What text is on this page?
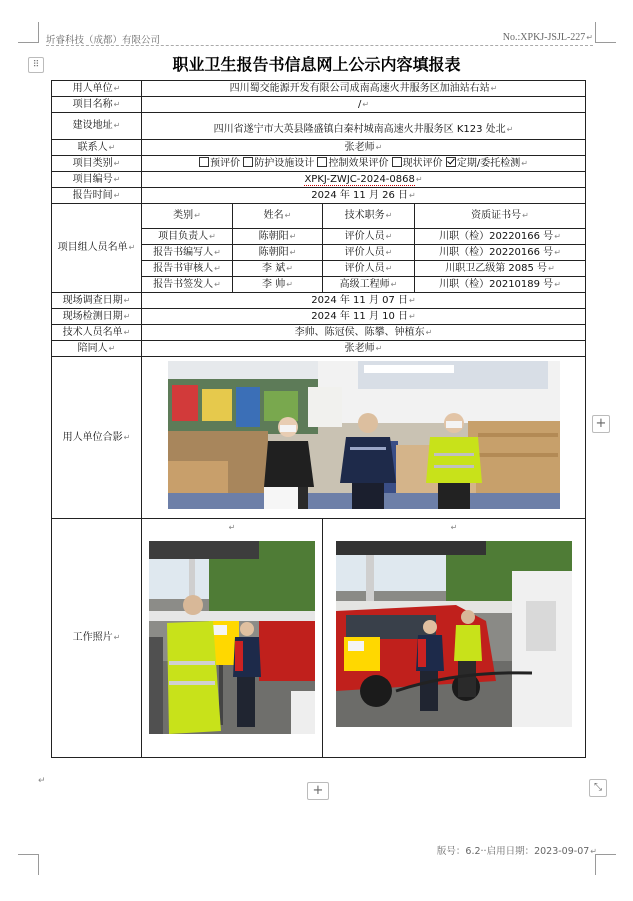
圻睿科技（成都）有限公司	No.:XPKJ-JSJL-227↵
⠿	职业卫生报告书信息网上公示内容填报表
用人单位↵	四川蜀交能源开发有限公司成南高速火井服务区加油站右站↵			
项目名称↵	/↵			
建设地址↵	四川省遂宁市大英县隆盛镇白秦村城南高速火井服务区 K123 处北↵			
联系人↵	张老师↵			
项目类别↵	预评价 防护设施设计 控制效果评价 现状评价 定期/委托检测↵			
项目编号↵	XPKJ-ZWJC-2024-0868↵			
报告时间↵	2024 年 11 月 26 日↵			
项目组人员名单↵	类别↵	姓名↵	技术职务↵	资质证书号↵
	项目负责人↵	陈朝阳↵	评价人员↵	川职（检）20220166 号↵
	报告书编写人↵	陈朝阳↵	评价人员↵	川职（检）20220166 号↵
	报告书审核人↵	李 斌↵	评价人员↵	川职卫乙级第 2085 号↵
	报告书签发人↵	李 帅↵	高级工程师↵	川职（检）20210189 号↵
现场调查日期↵	2024 年 11 月 07 日↵			
现场检测日期↵	2024 年 11 月 10 日↵			
技术人员名单↵	李帅、陈冠侯、陈攀、钟植东↵			
陪同人↵	张老师↵			
用人单位合影↵	

工作照片↵	↵		↵	
+
+	⤡
↵
版号：6.2··启用日期：2023-09-07↵
